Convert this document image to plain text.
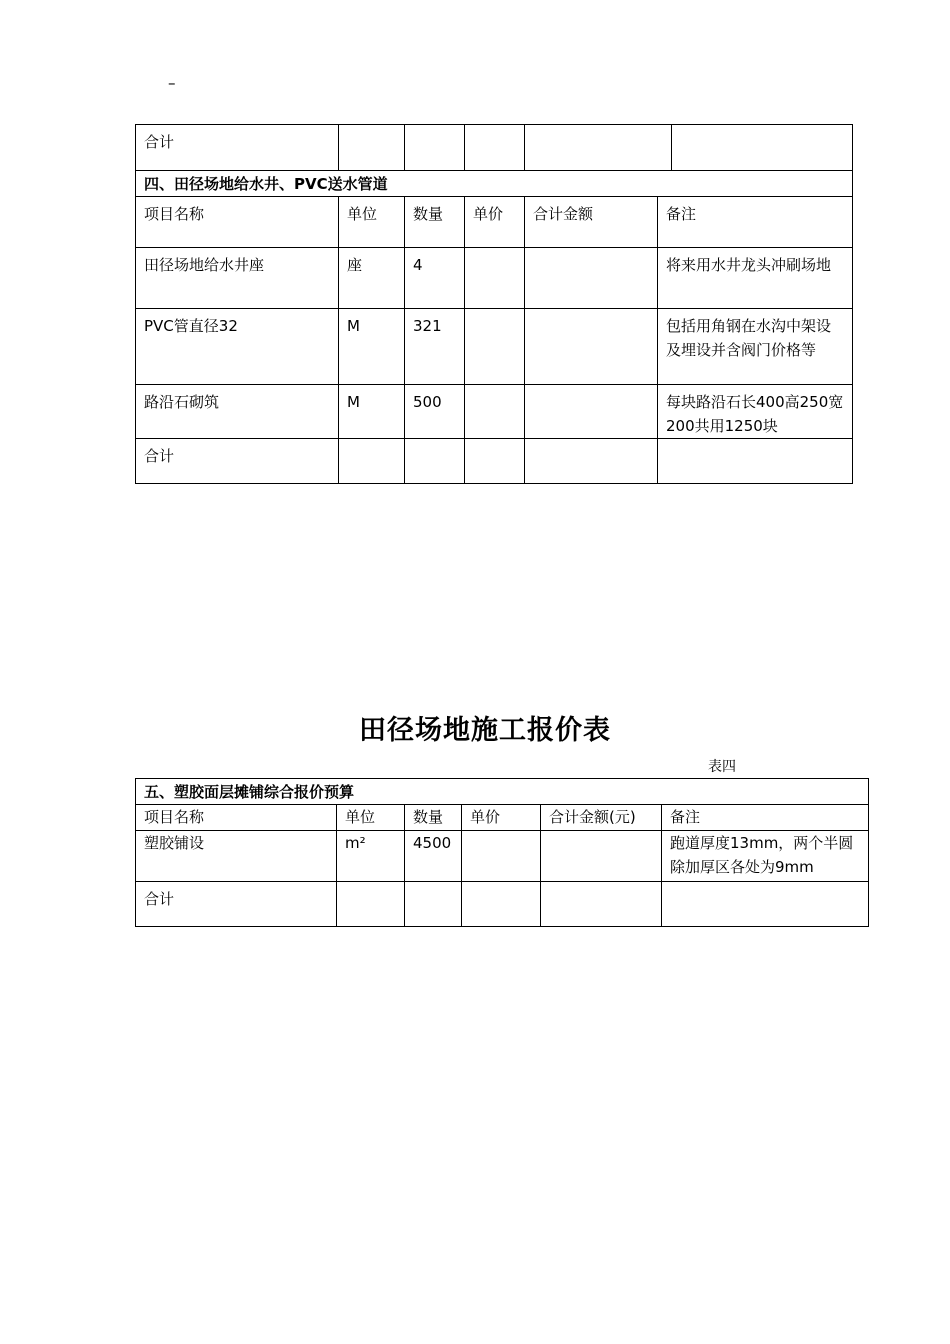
–
合计					
四、田径场地给水井、PVC送水管道					
项目名称	单位	数量	单价	合计金额	备注
田径场地给水井座	座	4			将来用水井龙头冲刷场地
PVC管直径32	M	321			包括用角钢在水沟中架设及埋设并含阀门价格等
路沿石砌筑	M	500			每块路沿石长400高250宽200共用1250块
合计					
田径场地施工报价表
表四
五、塑胶面层摊铺综合报价预算					
项目名称	单位	数量	单价	合计金额(元)	备注
塑胶铺设	m²	4500			跑道厚度13mm，两个半圆除加厚区各处为9mm
合计					
